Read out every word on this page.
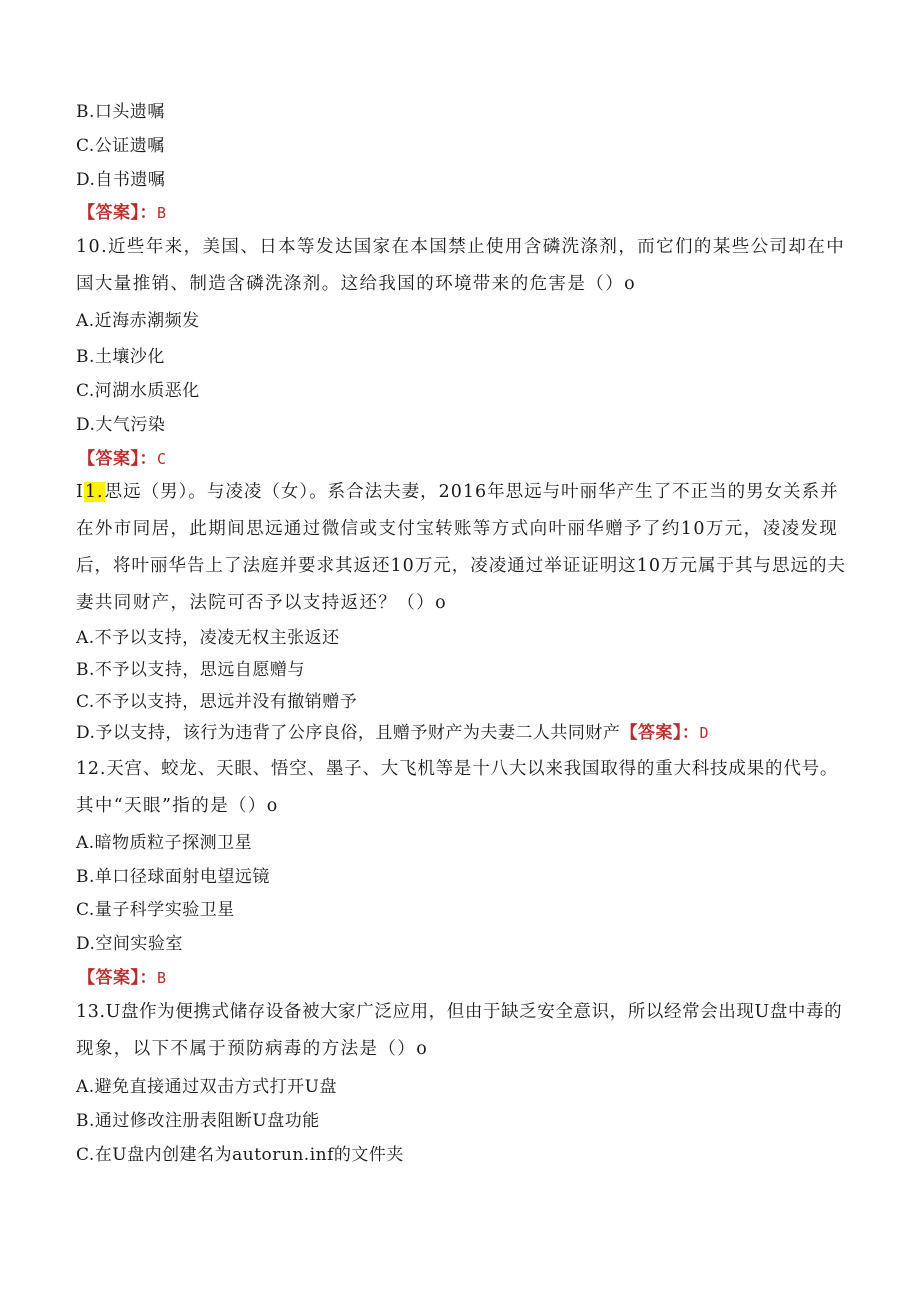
B.口头遗嘱
C.公证遗嘱
D.自书遗嘱
【答案】：B
10.近些年来，美国、日本等发达国家在本国禁止使用含磷洗涤剂，而它们的某些公司却在中
国大量推销、制造含磷洗涤剂。这给我国的环境带来的危害是（）o
A.近海赤潮频发
B.土壤沙化
C.河湖水质恶化
D.大气污染
【答案】：C
I1.思远（男）。与凌凌（女）。系合法夫妻，2016年思远与叶丽华产生了不正当的男女关系并
在外市同居，此期间思远通过微信或支付宝转账等方式向叶丽华赠予了约10万元，凌凌发现
后，将叶丽华告上了法庭并要求其返还10万元，凌凌通过举证证明这10万元属于其与思远的夫
妻共同财产，法院可否予以支持返还？（）o
A.不予以支持，凌凌无权主张返还
B.不予以支持，思远自愿赠与
C.不予以支持，思远并没有撤销赠予
D.予以支持，该行为违背了公序良俗，且赠予财产为夫妻二人共同财产【答案】：D
12.天宫、蛟龙、天眼、悟空、墨子、大飞机等是十八大以来我国取得的重大科技成果的代号。
其中“天眼”指的是（）o
A.暗物质粒子探测卫星
B.单口径球面射电望远镜
C.量子科学实验卫星
D.空间实验室
【答案】：B
13.U盘作为便携式储存设备被大家广泛应用，但由于缺乏安全意识，所以经常会出现U盘中毒的
现象，以下不属于预防病毒的方法是（）o
A.避免直接通过双击方式打开U盘
B.通过修改注册表阻断U盘功能
C.在U盘内创建名为autorun.inf的文件夹
